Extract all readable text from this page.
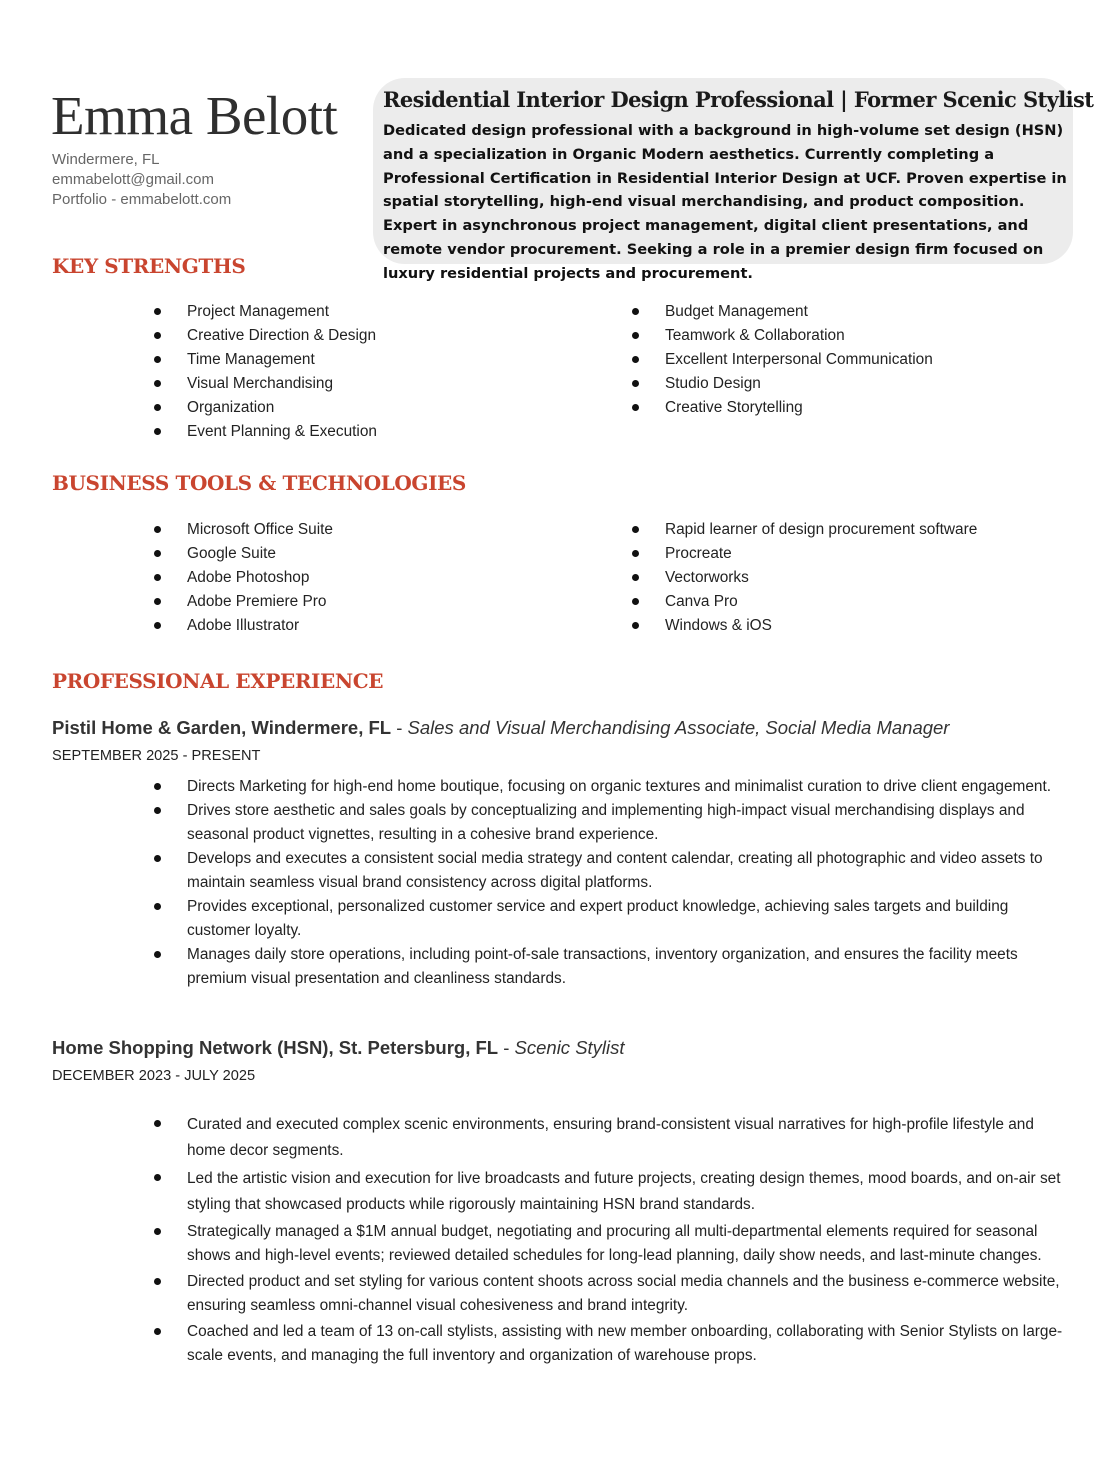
Emma Belott
Windermere, FL
emmabelott@gmail.com
Portfolio - emmabelott.com
Residential Interior Design Professional | Former Scenic Stylist
Dedicated design professional with a background in high-volume set design (HSN) and a specialization in Organic Modern aesthetics. Currently completing a Professional Certification in Residential Interior Design at UCF. Proven expertise in spatial storytelling, high-end visual merchandising, and product composition. Expert in asynchronous project management, digital client presentations, and remote vendor procurement. Seeking a role in a premier design firm focused on luxury residential projects and procurement.
KEY STRENGTHS
Project Management
Creative Direction & Design
Time Management
Visual Merchandising
Organization
Event Planning & Execution
Budget Management
Teamwork & Collaboration
Excellent Interpersonal Communication
Studio Design
Creative Storytelling
BUSINESS TOOLS & TECHNOLOGIES
Microsoft Office Suite
Google Suite
Adobe Photoshop
Adobe Premiere Pro
Adobe Illustrator
Rapid learner of design procurement software
Procreate
Vectorworks
Canva Pro
Windows & iOS
PROFESSIONAL EXPERIENCE
Pistil Home & Garden, Windermere, FL - Sales and Visual Merchandising Associate, Social Media Manager
SEPTEMBER 2025 - PRESENT
Directs Marketing for high-end home boutique, focusing on organic textures and minimalist curation to drive client engagement.
Drives store aesthetic and sales goals by conceptualizing and implementing high-impact visual merchandising displays and seasonal product vignettes, resulting in a cohesive brand experience.
Develops and executes a consistent social media strategy and content calendar, creating all photographic and video assets to maintain seamless visual brand consistency across digital platforms.
Provides exceptional, personalized customer service and expert product knowledge, achieving sales targets and building customer loyalty.
Manages daily store operations, including point-of-sale transactions, inventory organization, and ensures the facility meets premium visual presentation and cleanliness standards.
Home Shopping Network (HSN), St. Petersburg, FL - Scenic Stylist
DECEMBER 2023 - JULY 2025
Curated and executed complex scenic environments, ensuring brand-consistent visual narratives for high-profile lifestyle and home decor segments.
Led the artistic vision and execution for live broadcasts and future projects, creating design themes, mood boards, and on-air set styling that showcased products while rigorously maintaining HSN brand standards.
Strategically managed a $1M annual budget, negotiating and procuring all multi-departmental elements required for seasonal shows and high-level events; reviewed detailed schedules for long-lead planning, daily show needs, and last-minute changes.
Directed product and set styling for various content shoots across social media channels and the business e-commerce website, ensuring seamless omni-channel visual cohesiveness and brand integrity.
Coached and led a team of 13 on-call stylists, assisting with new member onboarding, collaborating with Senior Stylists on large-scale events, and managing the full inventory and organization of warehouse props.
